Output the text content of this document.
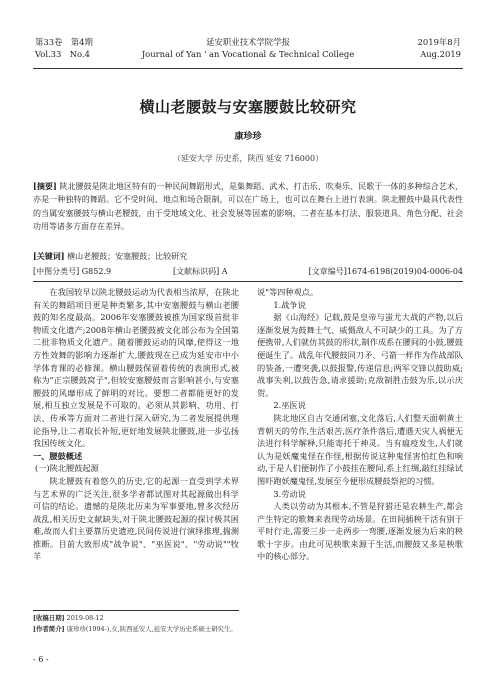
第33卷　第4期
Vol.33　No.4
延安职业技术学院学报
Journal of Yan ' an Vocational & Technical College
2019年8月
Aug.2019
横山老腰鼓与安塞腰鼓比较研究
康珍珍
（延安大学 历史系，陕西 延安 716000）
[摘要] 陕北腰鼓是陕北地区特有的一种民间舞蹈形式，是集舞蹈、武术、打击乐、吹奏乐、民歌于一体的多种综合艺术，亦是一种独特的舞蹈。它不受时间、地点和场合限制，可以在广场上，也可以在舞台上进行表演。陕北腰鼓中最具代表性的当属安塞腰鼓与横山老腰鼓，由于受地域文化、社会发展等因素的影响，二者在基本打法、服装道具、角色分配、社会功用等诸多方面存在差异。
[关键词] 横山老腰鼓；安塞腰鼓；比较研究
[中图分类号] G852.9	[文献标识码] A	[文章编号]1674-6198(2019)04-0006-04

在我国较早以陕北腰鼓运动为代表相当浓厚，在陕北有关的舞蹈项目更是种类繁多,其中安塞腰鼓与横山老腰鼓的知名度最高。2006年安塞腰鼓被推为国家级首批非物质文化遗产;2008年横山老腰鼓被文化部公布为全国第二批非物质文化遗产。随着腰鼓运动的风靡,使得这一地方性效舞的影响力逐渐扩大,腰鼓现在已成为延安市中小学体育课的必修课。横山腰鼓保留着传统的表演形式,被称为"正宗腰鼓窝子",但较安塞腰鼓而言影响甚小,与安塞腰鼓的风靡形成了鲜明的对比。要想二者都能更好的发展,相互独立发展是不可取的。必须从其影响、功用、打法、传承等方面对二者进行深入研究,为二者发展提供理论指导,让二者取长补短,更好地发展陕北腰鼓,进一步弘扬我国传统文化。

一、腰鼓概述

(一)陕北腰鼓起源

陕北腰鼓有着悠久的历史,它的起源一直受到学术界与艺术界的广泛关注,很多学者都试图对其起源做出科学可信的结论。遗憾的是陕北历来为军事要地,曾多次经历战乱,相关历史文献缺失,对于陕北腰鼓起源的探讨极其困难,故而人们主要靠历史遗迹,民间传说进行演绎推理,揣测推断。目前大致形成"战争说"、"巫医说"、"劳动说""牧羊

说"等四种观点。

1.战争说

据《山海经》记载,鼓是皇帝与蚩尤大战的产物,以后逐渐发展为鼓舞士气、威慑敌人不可缺少的工具。为了方便携带,人们就仿其鼓的形状,制作成系在腰间的小鼓,腰鼓便诞生了。战乱年代腰鼓同刀矛、弓箭一样作为作战部队的装备,一遭突袭,以鼓报警,传递信息;两军交锋以鼓助威;战事失利,以鼓告急,请求援助;克敌制胜击鼓为乐,以示庆贺。

2.巫医说

陕北地区自古交通闭塞,文化落后,人们整天面朝黄土背朝天的劳作,生活艰苦,医疗条件落后,遭遇天灾人祸便无法进行科学解释,只能寄托于神灵。当有瘟疫发生,人们就认为是妖魔鬼怪在作怪,根据传说这种鬼怪害怕红色和响动,于是人们便制作了小鼓挂在腰间,系上红绸,敲红挂绿试图吓跑妖魔鬼怪,发展至今便形成腰鼓祭祀的习惯。

3.劳动说

人类以劳动为其根本,不管是狩猎还是农耕生产,都会产生特定的歌舞来表现劳动场景。在田间插秧干活有别于平时行走,需要三步一走两步一弯腰,逐渐发展为后来的秧歌十字步。由此可见秧歌来源于生活,而腰鼓又多是秧歌中的核心部分。

[收稿日期] 2019-08-12
[作者简介] 康珍珍(1994-),女,陕西延安人,延安大学历史系硕士研究生。
- 6 -
